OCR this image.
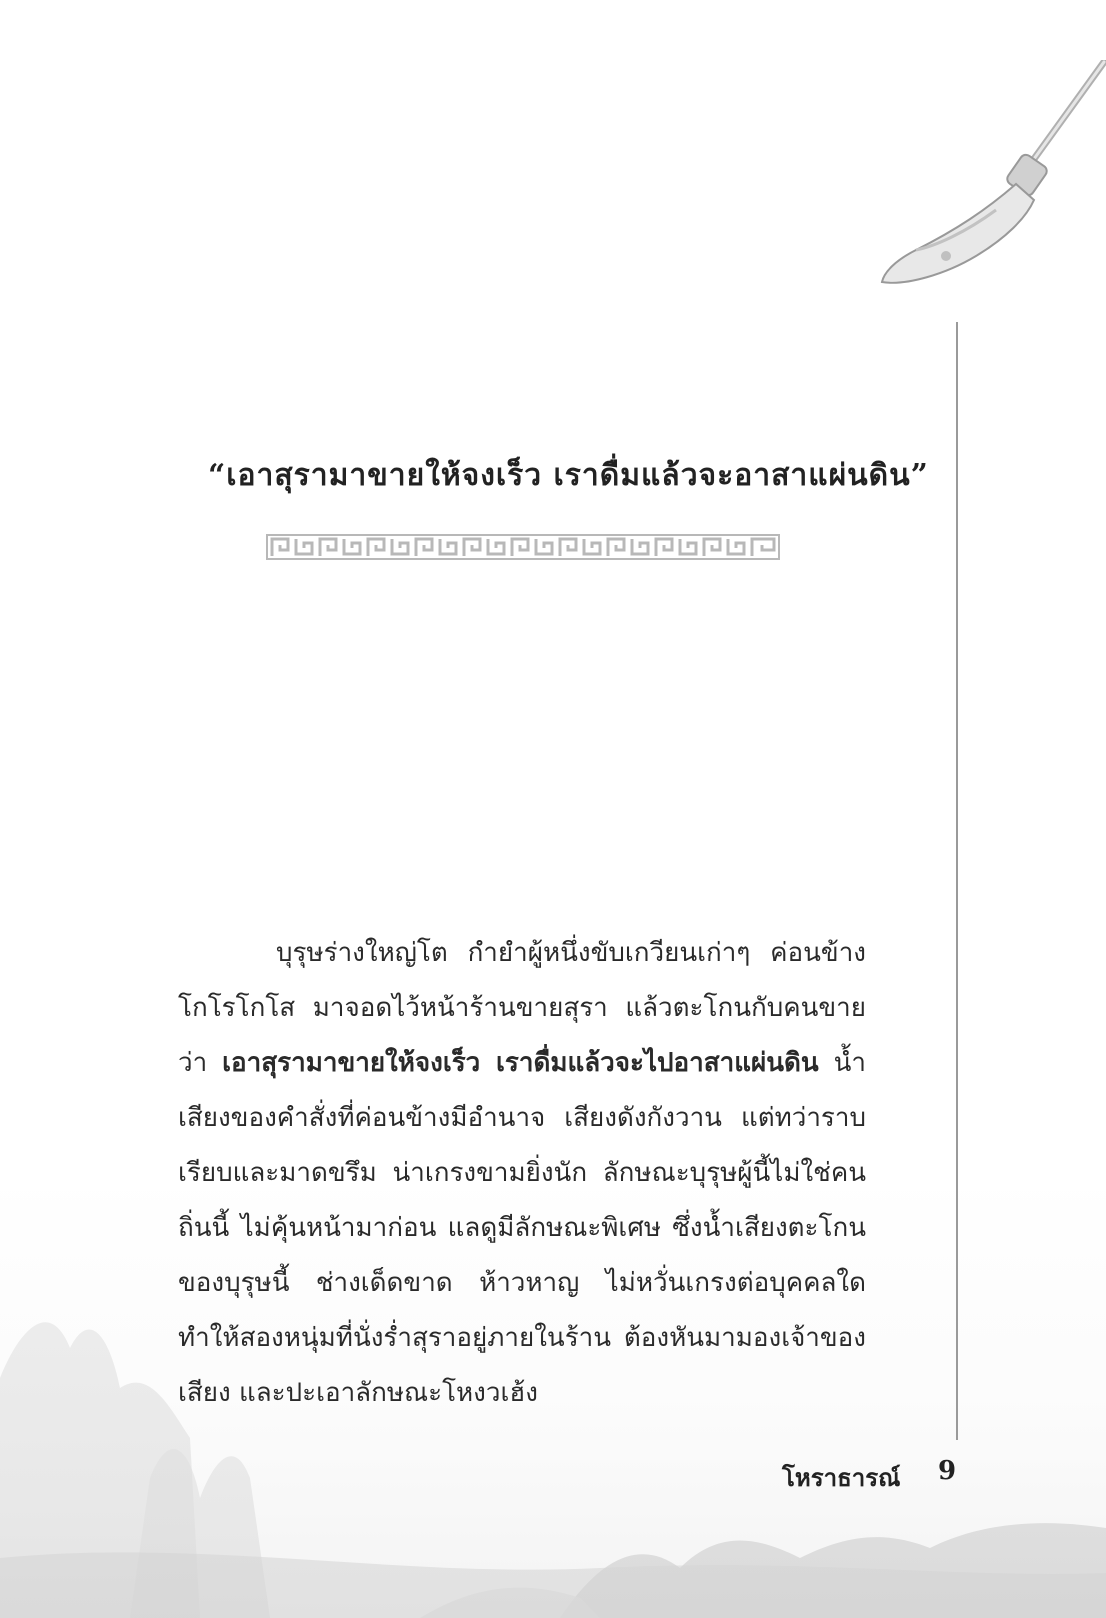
“เอาสุรามาขายให้จงเร็ว เราดื่มแล้วจะอาสาแผ่นดิน”

บุรุษร่างใหญ่โต กำยำผู้หนึ่งขับเกวียนเก่าๆ ค่อนข้างโกโรโกโส มาจอดไว้หน้าร้านขายสุรา แล้วตะโกนกับคนขายว่า เอาสุรามาขายให้จงเร็ว เราดื่มแล้วจะไปอาสาแผ่นดิน น้ำเสียงของคำสั่งที่ค่อนข้างมีอำนาจ เสียงดังกังวาน แต่ทว่าราบเรียบและมาดขรึม น่าเกรงขามยิ่งนัก ลักษณะบุรุษผู้นี้ไม่ใช่คนถิ่นนี้ ไม่คุ้นหน้ามาก่อน แลดูมีลักษณะพิเศษ ซึ่งน้ำเสียงตะโกนของบุรุษนี้ ช่างเด็ดขาด ห้าวหาญ ไม่หวั่นเกรงต่อบุคคลใด ทำให้สองหนุ่มที่นั่งร่ำสุราอยู่ภายในร้าน ต้องหันมามองเจ้าของเสียง และปะเอาลักษณะโหงวเฮ้ง

โหราธารณ์ 9
